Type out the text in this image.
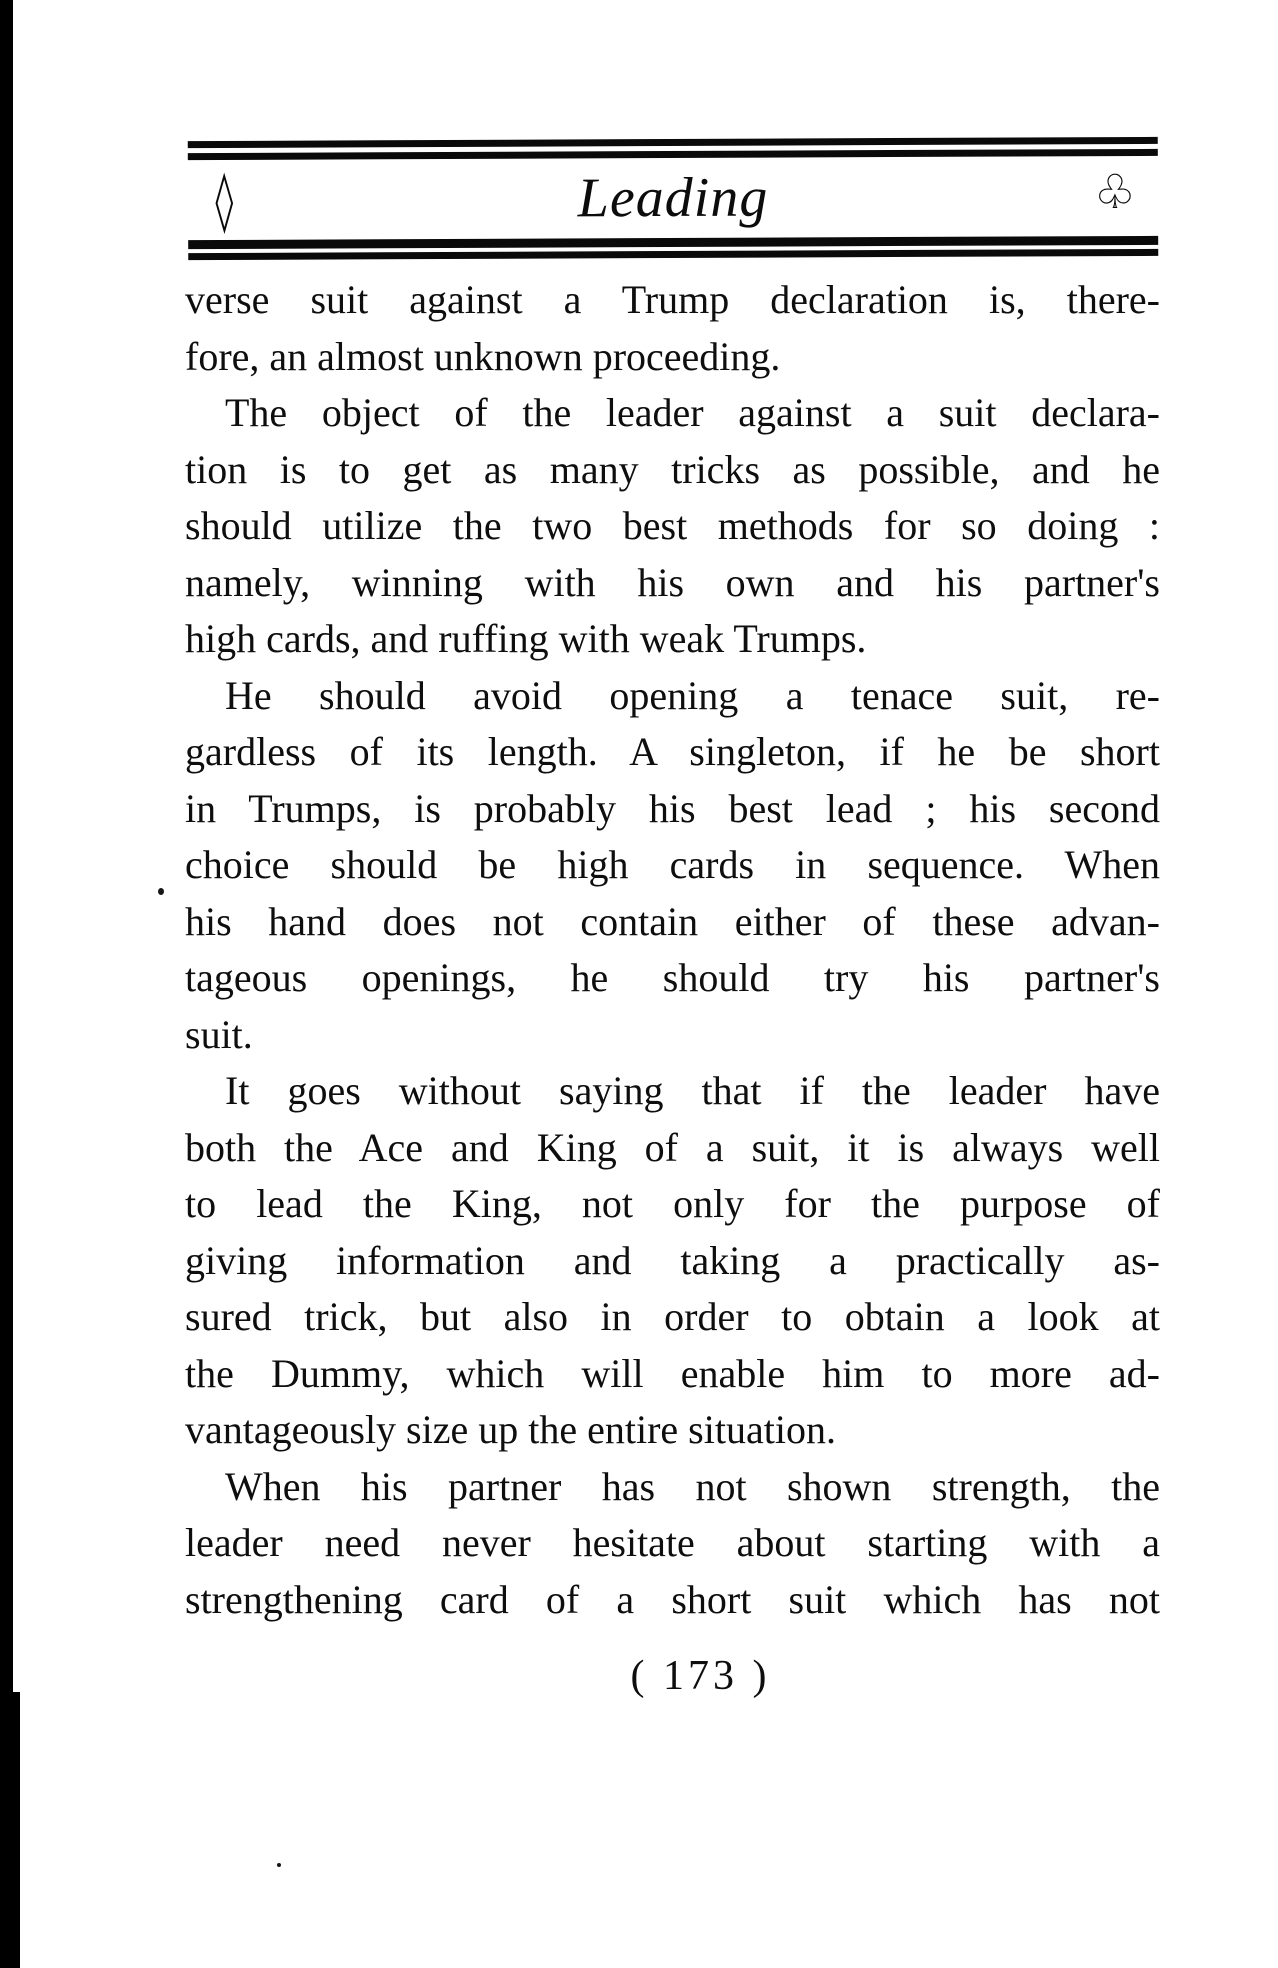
◊	Leading	♧
verse suit against a Trump declaration is, there-
fore, an almost unknown proceeding.
The object of the leader against a suit declara-
tion is to get as many tricks as possible, and he
should utilize the two best methods for so doing :
namely, winning with his own and his partner's
high cards, and ruffing with weak Trumps.
He should avoid opening a tenace suit, re-
gardless of its length. A singleton, if he be short
in Trumps, is probably his best lead ; his second
choice should be high cards in sequence. When
his hand does not contain either of these advan-
tageous openings, he should try his partner's
suit.
It goes without saying that if the leader have
both the Ace and King of a suit, it is always well
to lead the King, not only for the purpose of
giving information and taking a practically as-
sured trick, but also in order to obtain a look at
the Dummy, which will enable him to more ad-
vantageously size up the entire situation.
When his partner has not shown strength, the
leader need never hesitate about starting with a
strengthening card of a short suit which has not
( 173 )
